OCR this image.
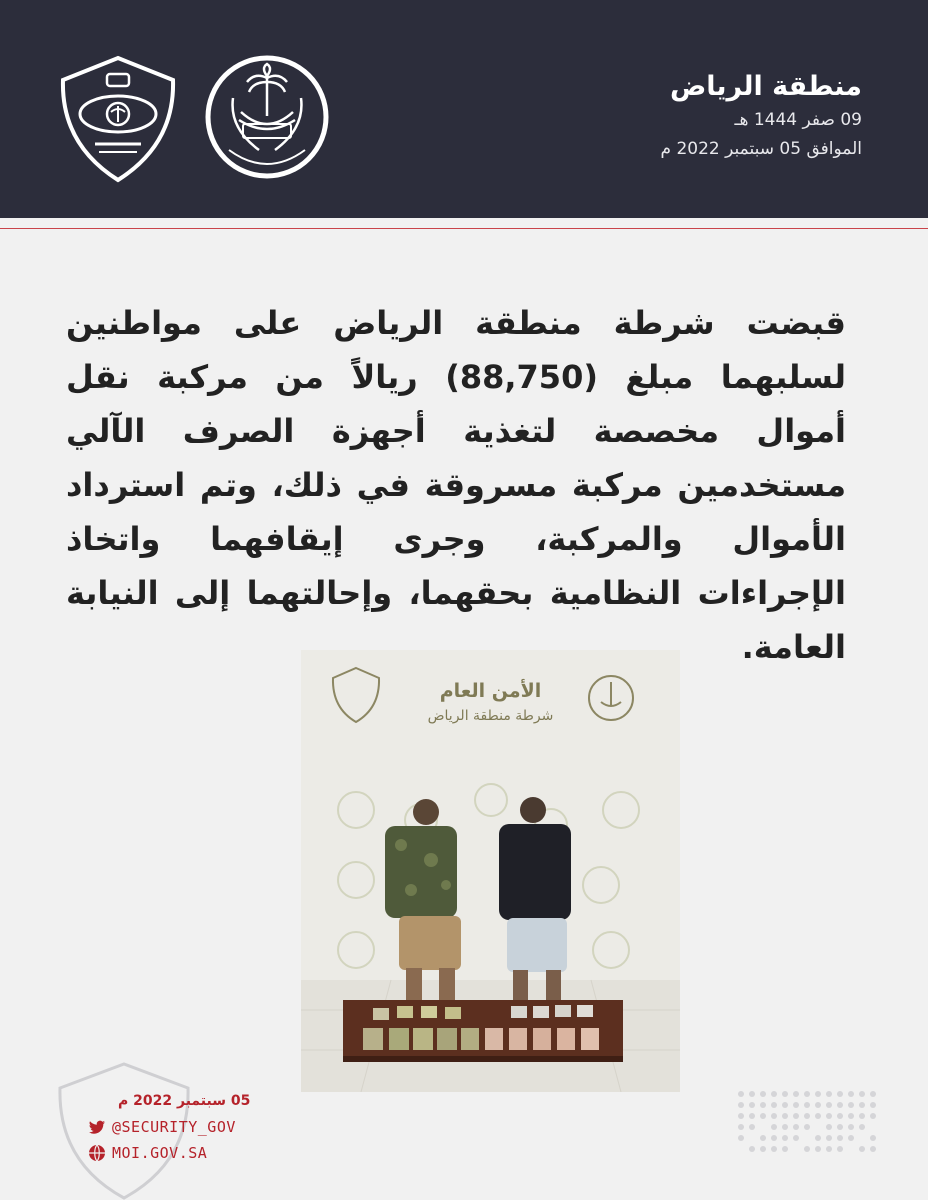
منطقة الرياض
09 صفر 1444 هـ
الموافق 05 سبتمبر 2022 م
قبضت شرطة منطقة الرياض على مواطنين لسلبهما مبلغ (88,750) ريالاً من مركبة نقل أموال مخصصة لتغذية أجهزة الصرف الآلي مستخدمين مركبة مسروقة في ذلك، وتم استرداد الأموال والمركبة، وجرى إيقافهما واتخاذ الإجراءات النظامية بحقهما، وإحالتهما إلى النيابة العامة.
الأمن العام
شرطة منطقة الرياض
05 سبتمبر 2022 م
@SECURITY_GOV
MOI.GOV.SA
